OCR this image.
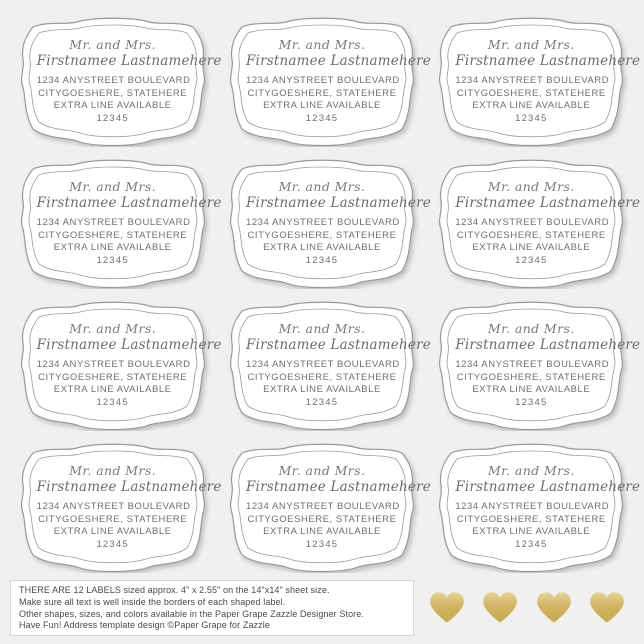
Mr. and Mrs.
Firstnamee Lastnamehere
1234 ANYSTREET BOULEVARD
CITYGOESHERE, STATEHERE
EXTRA LINE AVAILABLE
12345
Mr. and Mrs.
Firstnamee Lastnamehere
1234 ANYSTREET BOULEVARD
CITYGOESHERE, STATEHERE
EXTRA LINE AVAILABLE
12345
Mr. and Mrs.
Firstnamee Lastnamehere
1234 ANYSTREET BOULEVARD
CITYGOESHERE, STATEHERE
EXTRA LINE AVAILABLE
12345
Mr. and Mrs.
Firstnamee Lastnamehere
1234 ANYSTREET BOULEVARD
CITYGOESHERE, STATEHERE
EXTRA LINE AVAILABLE
12345
Mr. and Mrs.
Firstnamee Lastnamehere
1234 ANYSTREET BOULEVARD
CITYGOESHERE, STATEHERE
EXTRA LINE AVAILABLE
12345
Mr. and Mrs.
Firstnamee Lastnamehere
1234 ANYSTREET BOULEVARD
CITYGOESHERE, STATEHERE
EXTRA LINE AVAILABLE
12345
Mr. and Mrs.
Firstnamee Lastnamehere
1234 ANYSTREET BOULEVARD
CITYGOESHERE, STATEHERE
EXTRA LINE AVAILABLE
12345
Mr. and Mrs.
Firstnamee Lastnamehere
1234 ANYSTREET BOULEVARD
CITYGOESHERE, STATEHERE
EXTRA LINE AVAILABLE
12345
Mr. and Mrs.
Firstnamee Lastnamehere
1234 ANYSTREET BOULEVARD
CITYGOESHERE, STATEHERE
EXTRA LINE AVAILABLE
12345
Mr. and Mrs.
Firstnamee Lastnamehere
1234 ANYSTREET BOULEVARD
CITYGOESHERE, STATEHERE
EXTRA LINE AVAILABLE
12345
Mr. and Mrs.
Firstnamee Lastnamehere
1234 ANYSTREET BOULEVARD
CITYGOESHERE, STATEHERE
EXTRA LINE AVAILABLE
12345
Mr. and Mrs.
Firstnamee Lastnamehere
1234 ANYSTREET BOULEVARD
CITYGOESHERE, STATEHERE
EXTRA LINE AVAILABLE
12345
THERE ARE 12 LABELS sized approx. 4" x 2.55" on the 14"x14" sheet size.
Make sure all text is well inside the borders of each shaped label.
Other shapes, sizes, and colors available in the Paper Grape Zazzle Designer Store.
Have Fun! Address template design ©Paper Grape for Zazzle
